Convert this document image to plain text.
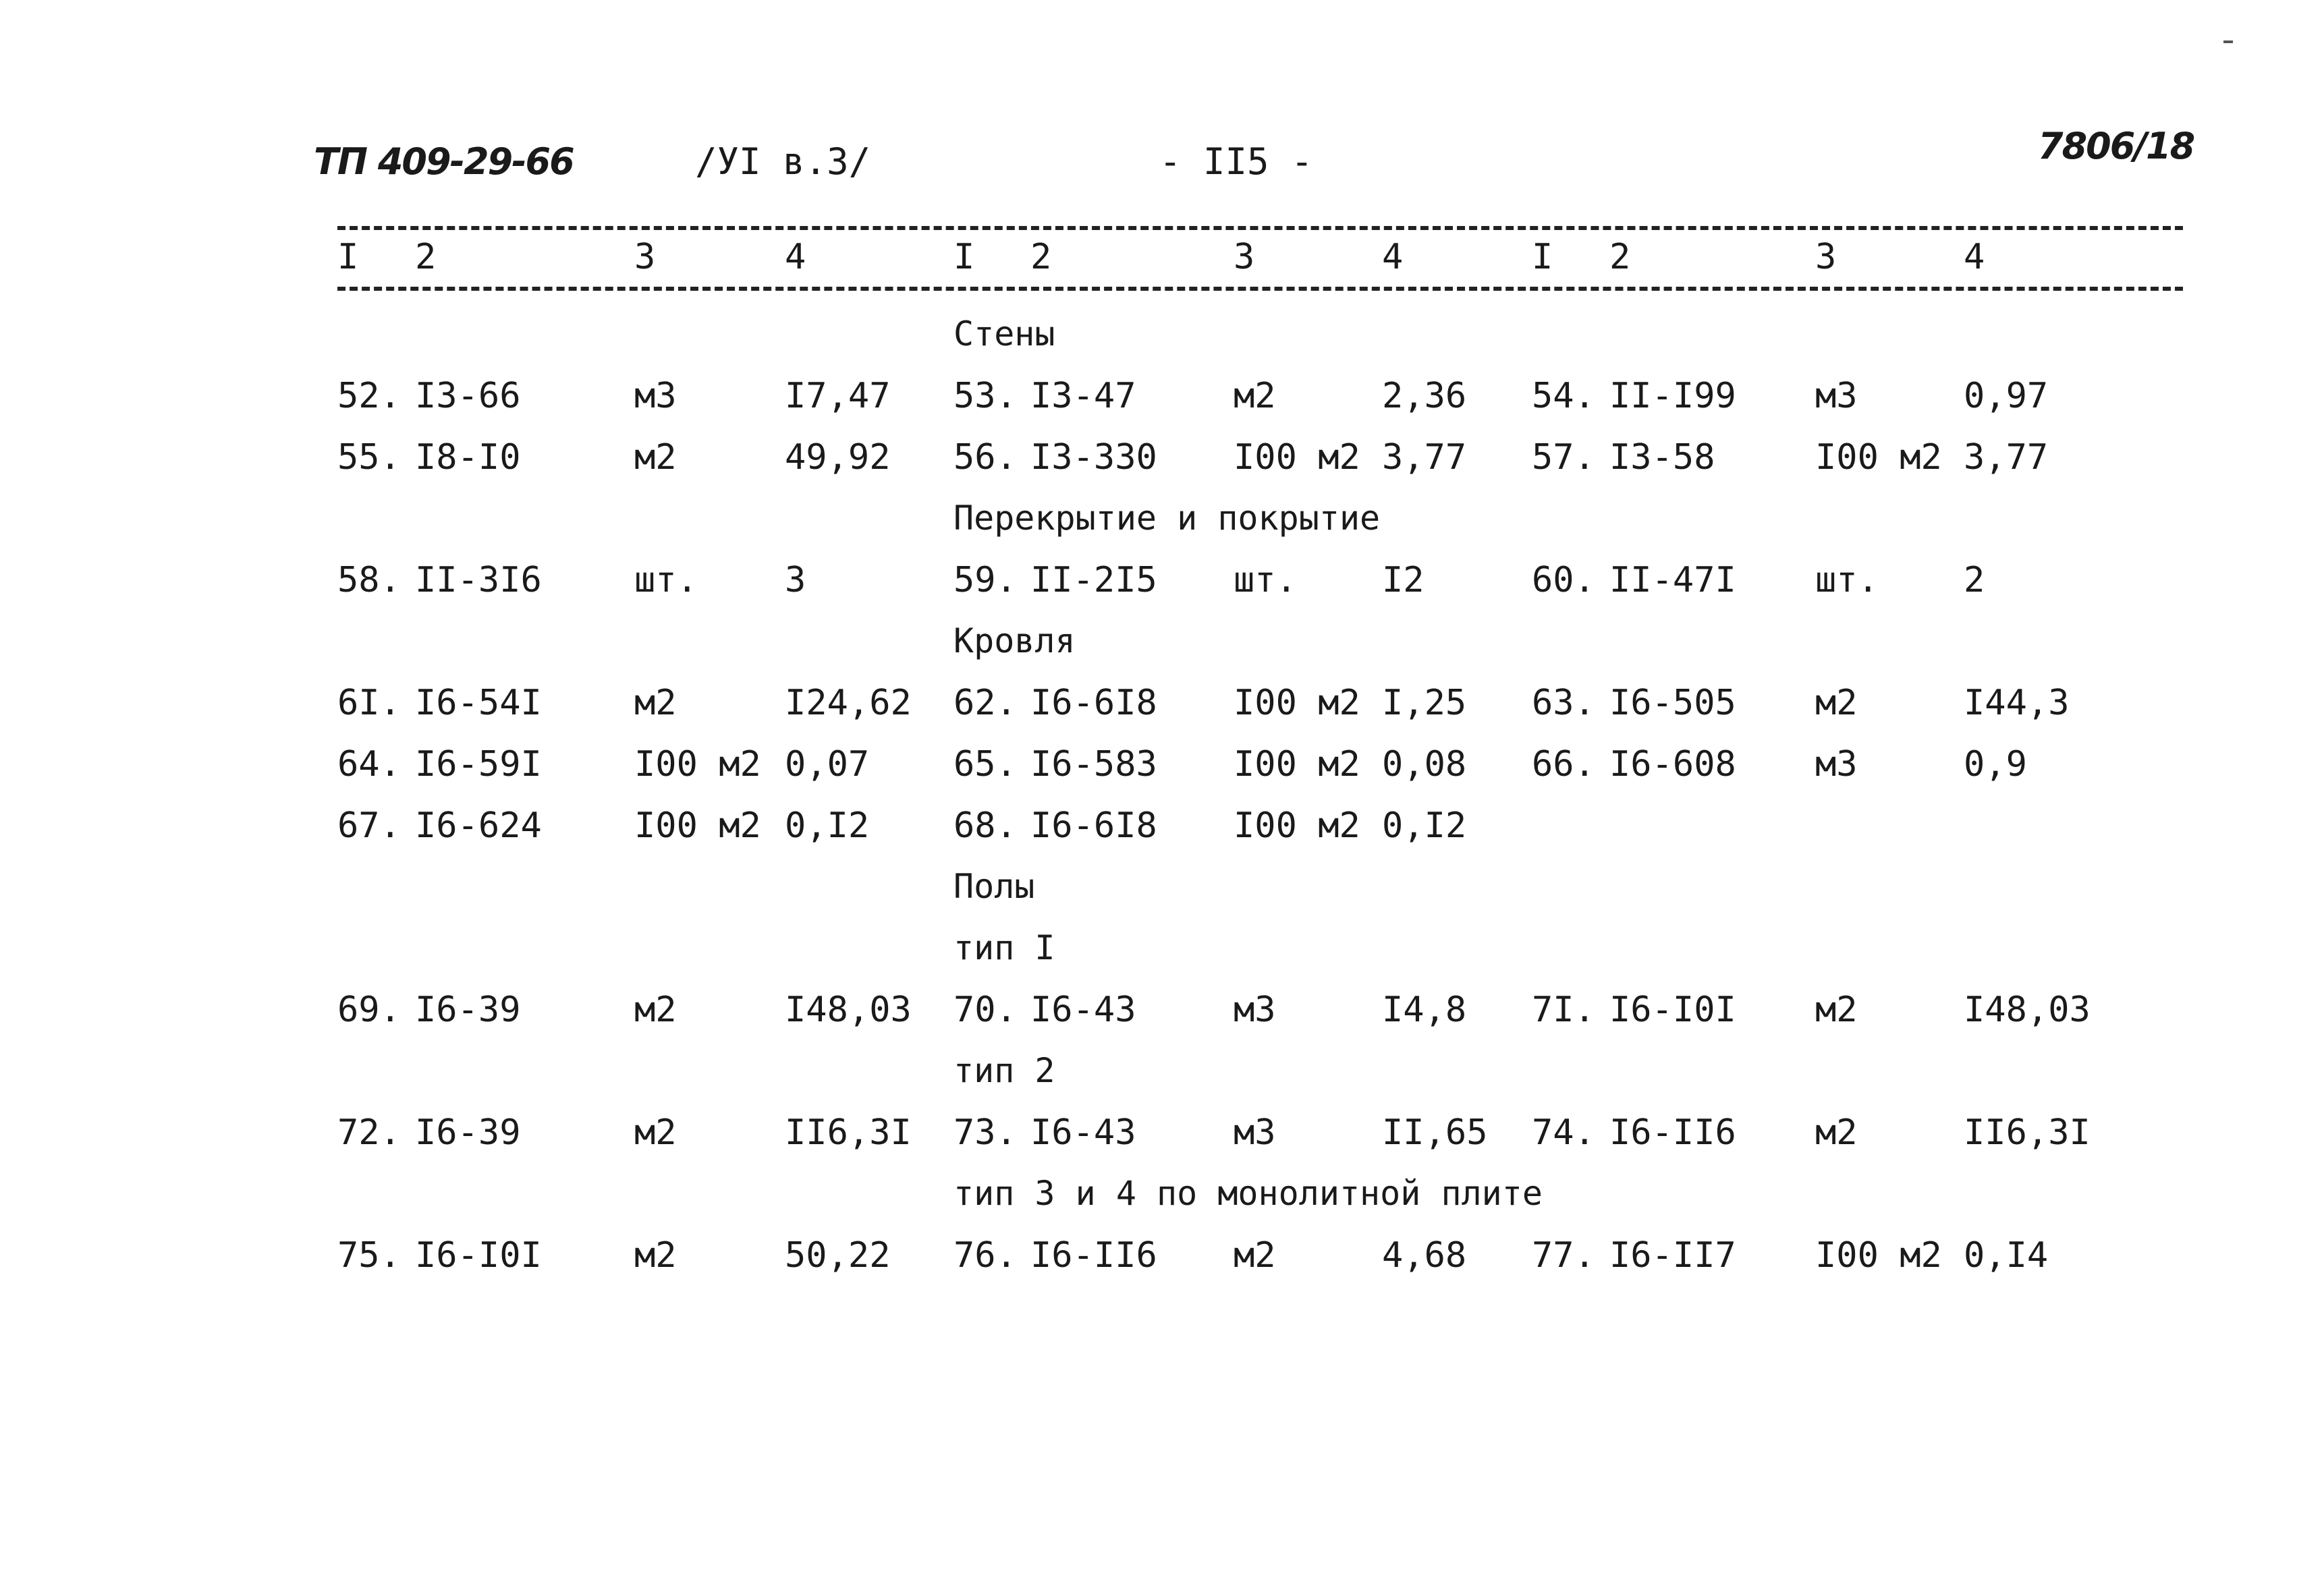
ТП 409-29-66	/УI в.3/	- II5 -	7806/18
I 2	3	4	I 2	3	4	I 2	3	4
Стены
52. I3-66	м3	I7,47 53. I3-47	м2	2,36 54. II-I99 м3	0,97
55. I8-I0	м2	49,92 56. I3-330 I00 м2 3,77 57. I3-58	I00 м2 3,77
Перекрытие и покрытие
58. II-3I6	шт. 3	59. II-2I5 шт. I2	60. II-47I шт. 2
Кровля
6I. I6-54I	м2	I24,62 62. I6-6I8 I00 м2 I,25 63. I6-505 м2	I44,3
64. I6-59I	I00 м2 0,07 65. I6-583 I00 м2 0,08 66. I6-608 м3	0,9
67. I6-624	I00 м2 0,I2 68. I6-6I8 I00 м2 0,I2
Полы
тип I
69. I6-39	м2	I48,03 70. I6-43	м3	I4,8 7I. I6-I0I м2	I48,03
тип 2
72. I6-39	м2	II6,3I 73. I6-43	м3	II,65 74. I6-II6 м2	II6,3I
тип 3 и 4 по монолитной плите
75. I6-I0I	м2	50,22 76. I6-II6 м2	4,68 77. I6-II7 I00 м2 0,I4
